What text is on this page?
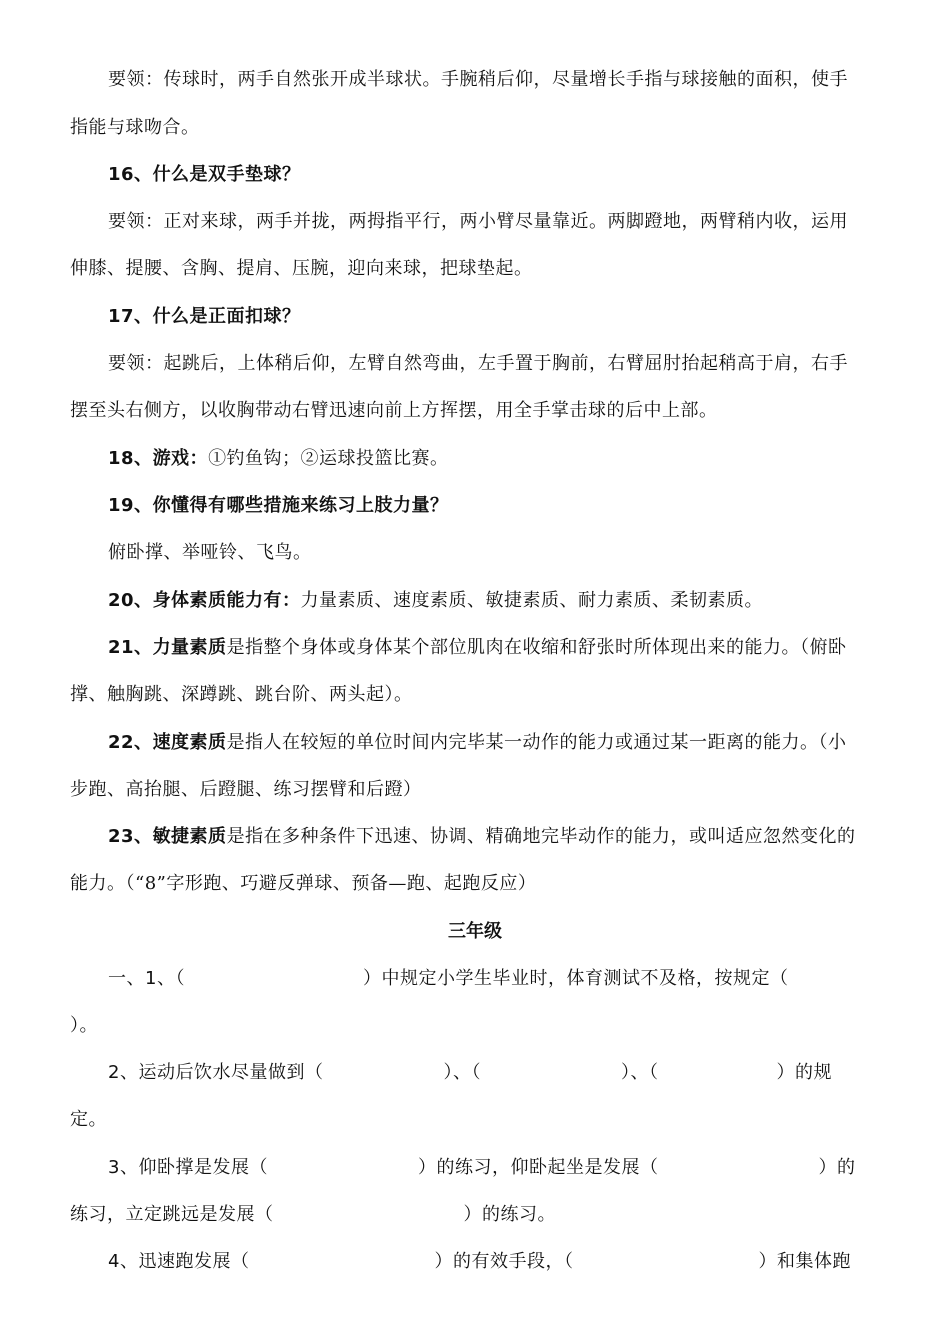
要领：传球时，两手自然张开成半球状。手腕稍后仰，尽量增长手指与球接触的面积，使手
指能与球吻合。
16、什么是双手垫球？
要领：正对来球，两手并拢，两拇指平行，两小臂尽量靠近。两脚蹬地，两臂稍内收，运用
伸膝、提腰、含胸、提肩、压腕，迎向来球，把球垫起。
17、什么是正面扣球？
要领：起跳后，上体稍后仰，左臂自然弯曲，左手置于胸前，右臂屈肘抬起稍高于肩，右手
摆至头右侧方，以收胸带动右臂迅速向前上方挥摆，用全手掌击球的后中上部。
18、游戏：①钓鱼钩；②运球投篮比赛。
19、你懂得有哪些措施来练习上肢力量？
俯卧撑、举哑铃、飞鸟。
20、身体素质能力有：力量素质、速度素质、敏捷素质、耐力素质、柔韧素质。
21、力量素质是指整个身体或身体某个部位肌肉在收缩和舒张时所体现出来的能力。（俯卧
撑、触胸跳、深蹲跳、跳台阶、两头起）。
22、速度素质是指人在较短的单位时间内完毕某一动作的能力或通过某一距离的能力。（小
步跑、高抬腿、后蹬腿、练习摆臂和后蹬）
23、敏捷素质是指在多种条件下迅速、协调、精确地完毕动作的能力，或叫适应忽然变化的
能力。（“8”字形跑、巧避反弹球、预备—跑、起跑反应）
三年级
一、1、（	）中规定小学生毕业时，体育测试不及格，按规定（
）。
2、运动后饮水尽量做到（	）、（	）、（	）的规
定。
3、仰卧撑是发展（	）的练习，仰卧起坐是发展（	）的
练习，立定跳远是发展（	）的练习。
4、迅速跑发展（	）的有效手段，（	）和集体跑
